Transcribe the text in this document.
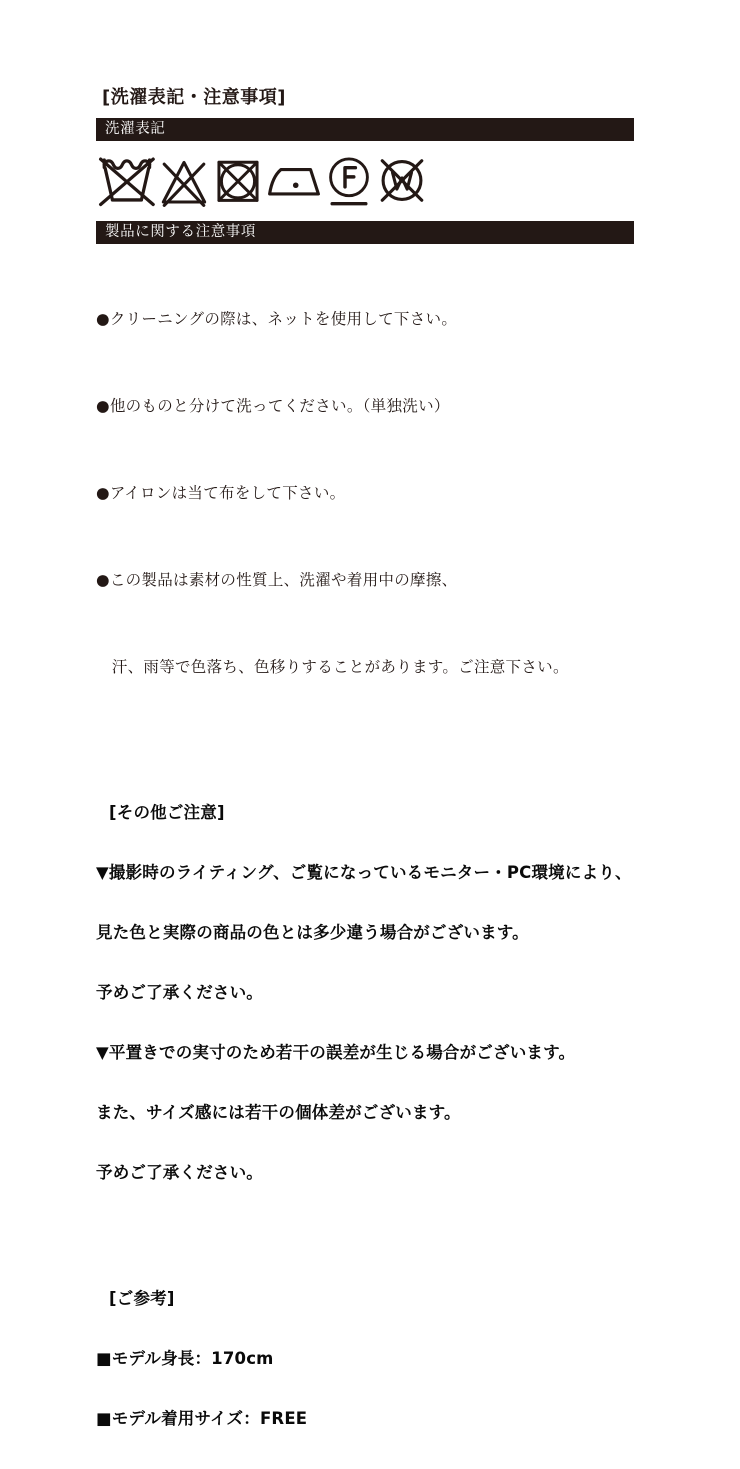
[洗濯表記・注意事項]
洗濯表記
製品に関する注意事項

●クリーニングの際は、ネットを使用して下さい。

●他のものと分けて洗ってください。（単独洗い）

●アイロンは当て布をして下さい。

●この製品は素材の性質上、洗濯や着用中の摩擦、

　汗、雨等で色落ち、色移りすることがあります。ご注意下さい。

[その他ご注意]

▼撮影時のライティング、ご覧になっているモニター・PC環境により、

見た色と実際の商品の色とは多少違う場合がございます。

予めご了承ください。

▼平置きでの実寸のため若干の誤差が生じる場合がございます。

また、サイズ感には若干の個体差がございます。

予めご了承ください。

[ご参考]

■モデル身長：170cm

■モデル着用サイズ：FREE
